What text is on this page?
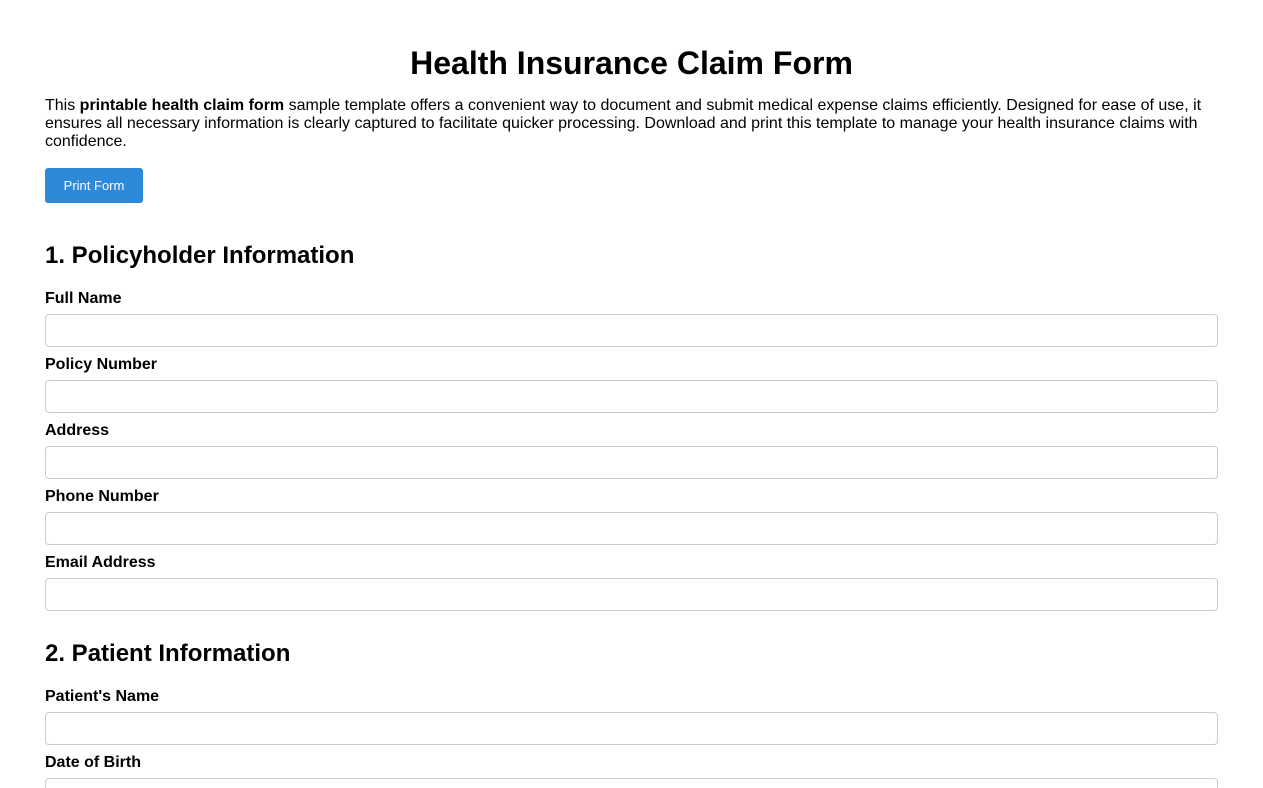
Health Insurance Claim Form

This printable health claim form sample template offers a convenient way to document and submit medical expense claims efficiently. Designed for ease of use, it ensures all necessary information is clearly captured to facilitate quicker processing. Download and print this template to manage your health insurance claims with confidence.

Print Form
1. Policyholder Information
Full Name
Policy Number
Address
Phone Number
Email Address
2. Patient Information
Patient's Name
Date of Birth
